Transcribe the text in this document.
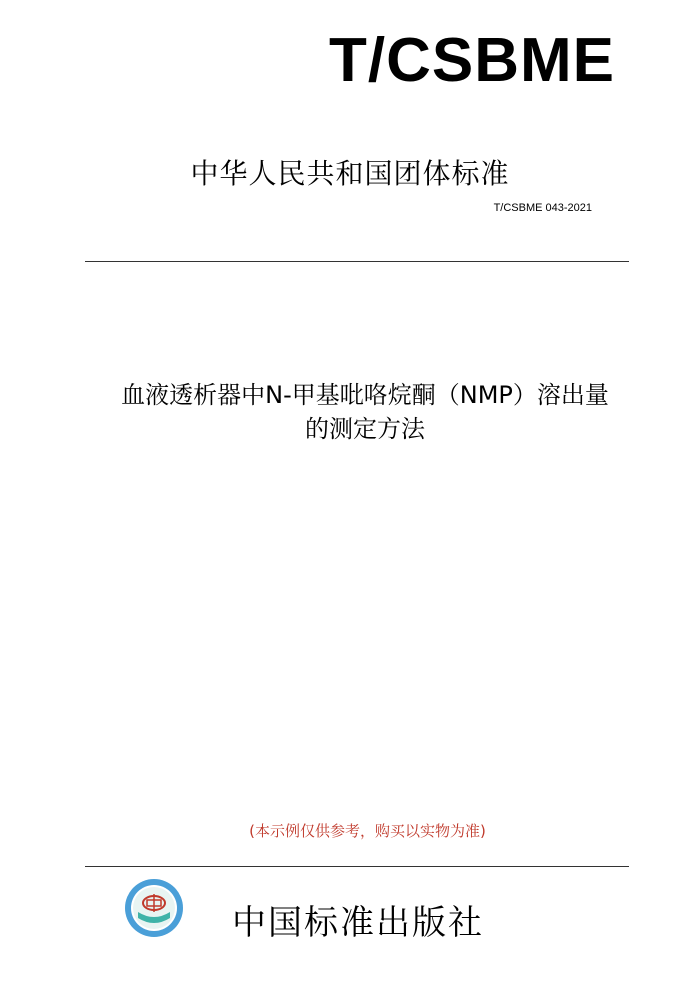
T/CSBME
中华人民共和国团体标准
T/CSBME 043-2021
血液透析器中N-甲基吡咯烷酮（NMP）溶出量
的测定方法
(本示例仅供参考，购买以实物为准)
中国标准出版社
